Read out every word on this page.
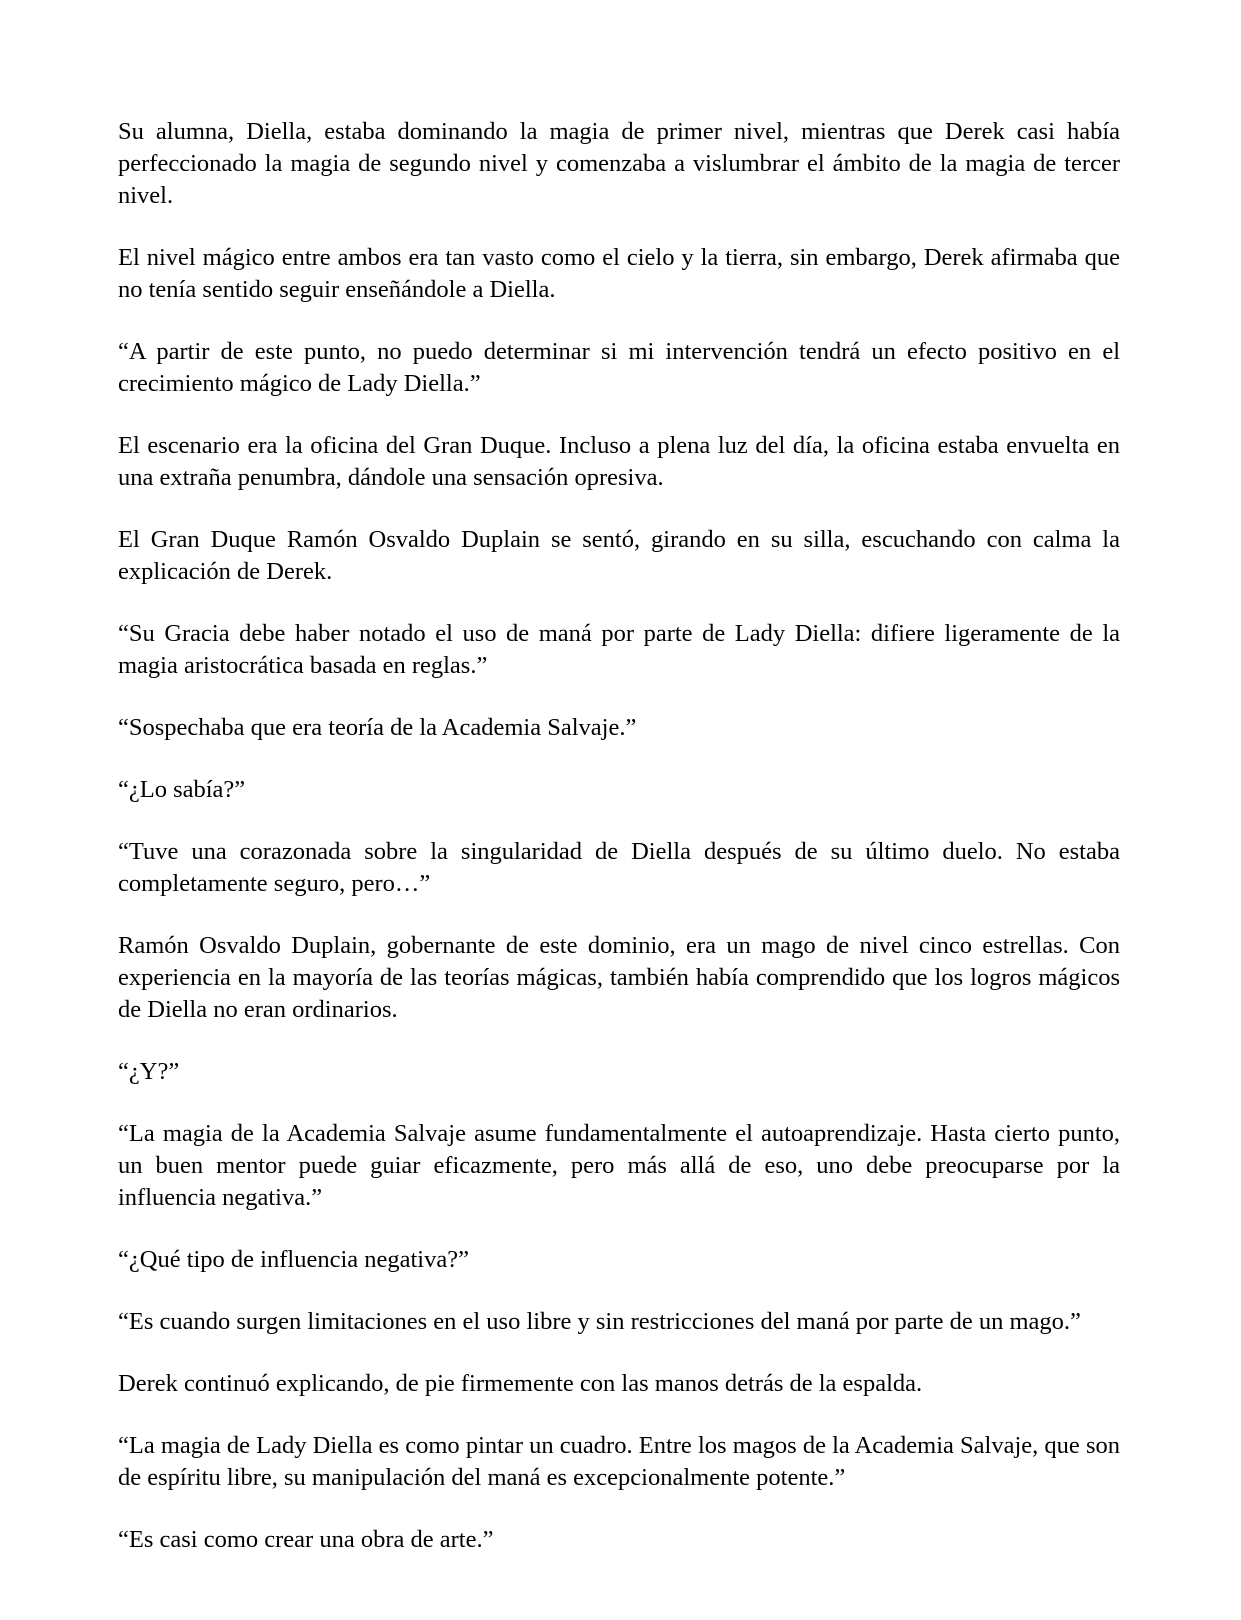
Su alumna, Diella, estaba dominando la magia de primer nivel, mientras que Derek casi había perfeccionado la magia de segundo nivel y comenzaba a vislumbrar el ámbito de la magia de tercer nivel.

El nivel mágico entre ambos era tan vasto como el cielo y la tierra, sin embargo, Derek afirmaba que no tenía sentido seguir enseñándole a Diella.

“A partir de este punto, no puedo determinar si mi intervención tendrá un efecto positivo en el crecimiento mágico de Lady Diella.”

El escenario era la oficina del Gran Duque. Incluso a plena luz del día, la oficina estaba envuelta en una extraña penumbra, dándole una sensación opresiva.

El Gran Duque Ramón Osvaldo Duplain se sentó, girando en su silla, escuchando con calma la explicación de Derek.

“Su Gracia debe haber notado el uso de maná por parte de Lady Diella: difiere ligeramente de la magia aristocrática basada en reglas.”

“Sospechaba que era teoría de la Academia Salvaje.”

“¿Lo sabía?”

“Tuve una corazonada sobre la singularidad de Diella después de su último duelo. No estaba completamente seguro, pero…”

Ramón Osvaldo Duplain, gobernante de este dominio, era un mago de nivel cinco estrellas. Con experiencia en la mayoría de las teorías mágicas, también había comprendido que los logros mágicos de Diella no eran ordinarios.

“¿Y?”

“La magia de la Academia Salvaje asume fundamentalmente el autoaprendizaje. Hasta cierto punto, un buen mentor puede guiar eficazmente, pero más allá de eso, uno debe preocuparse por la influencia negativa.”

“¿Qué tipo de influencia negativa?”

“Es cuando surgen limitaciones en el uso libre y sin restricciones del maná por parte de un mago.”

Derek continuó explicando, de pie firmemente con las manos detrás de la espalda.

“La magia de Lady Diella es como pintar un cuadro. Entre los magos de la Academia Salvaje, que son de espíritu libre, su manipulación del maná es excepcionalmente potente.”

“Es casi como crear una obra de arte.”
